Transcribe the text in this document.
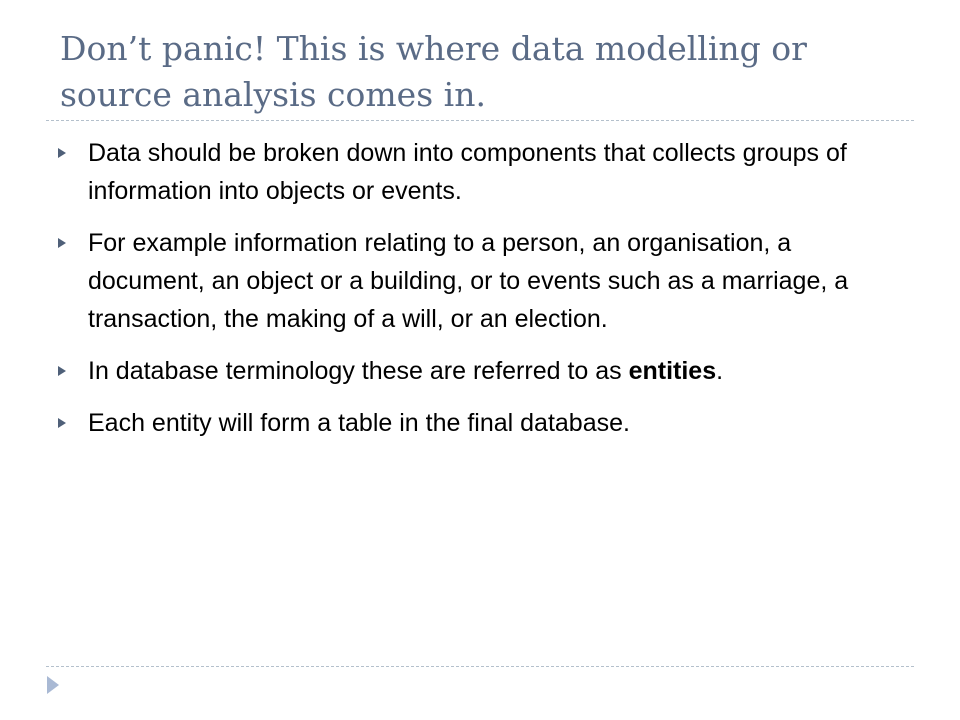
Don’t panic! This is where data modelling or source analysis comes in.
Data should be broken down into components that collects groups of information into objects or events.
For example information relating to a person, an organisation, a document, an object or a building, or to events such as a marriage, a transaction, the making of a will, or an election.
In database terminology these are referred to as entities.
Each entity will form a table in the final database.
